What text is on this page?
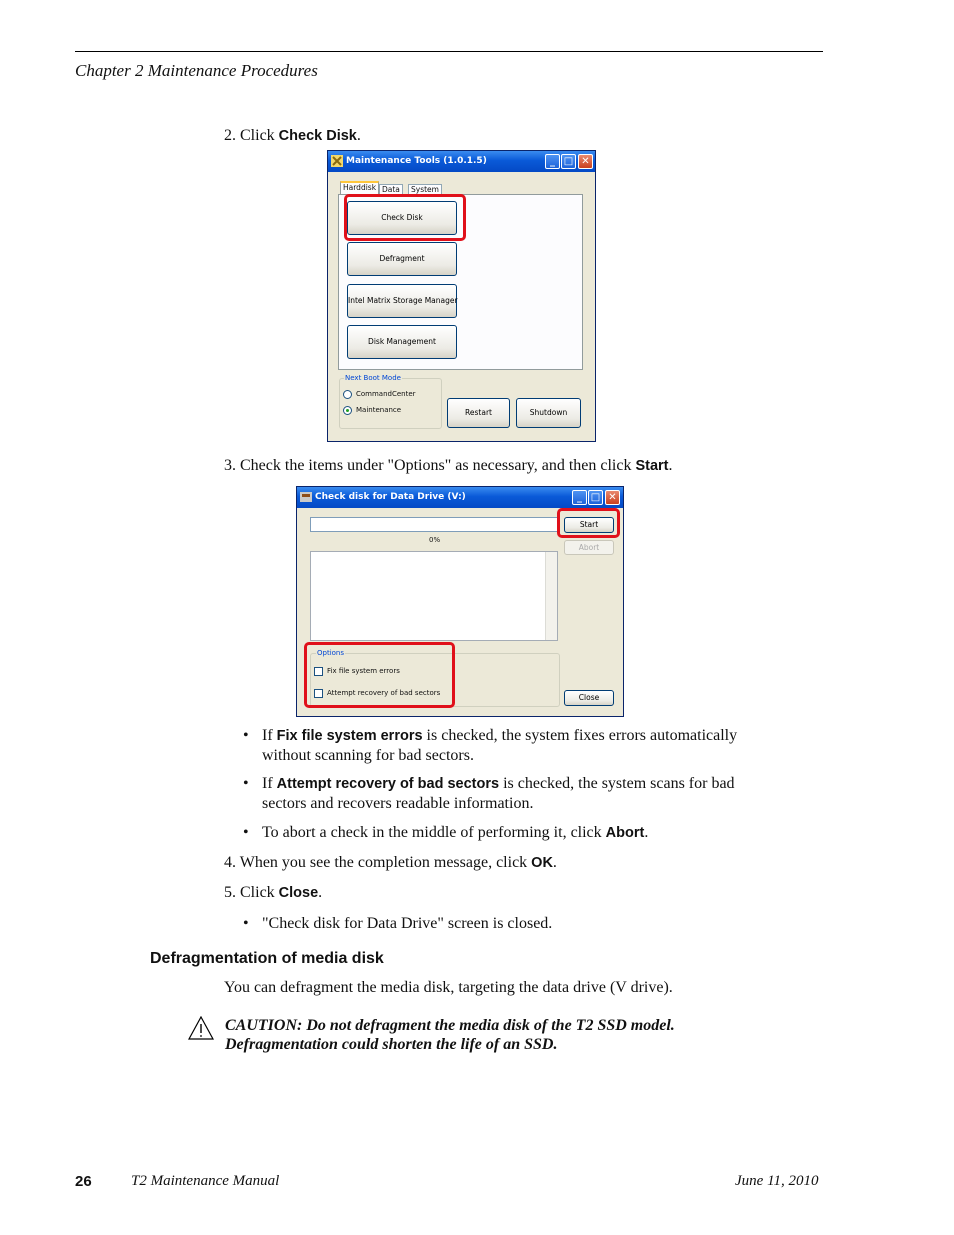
Chapter 2 Maintenance Procedures
2. Click Check Disk.
Maintenance Tools (1.0.1.5)	_ □ ✕
Harddisk Data	System
Check Disk
Defragment
Intel Matrix Storage Manager
Disk Management
Next Boot Mode
CommandCenter
Maintenance	Restart	Shutdown
3. Check the items under "Options" as necessary, and then click Start.
Check disk for Data Drive (V:)	_ □ ✕
0%
Start
Abort
Options
Fix file system errors
Attempt recovery of bad sectors	Close
• If Fix file system errors is checked, the system fixes errors automatically
without scanning for bad sectors.
• If Attempt recovery of bad sectors is checked, the system scans for bad
sectors and recovers readable information.
• To abort a check in the middle of performing it, click Abort.
4. When you see the completion message, click OK.
5. Click Close.
• "Check disk for Data Drive" screen is closed.
Defragmentation of media disk
You can defragment the media disk, targeting the data drive (V drive).
CAUTION: Do not defragment the media disk of the T2 SSD model.
Defragmentation could shorten the life of an SSD.
26	T2 Maintenance Manual	June 11, 2010
